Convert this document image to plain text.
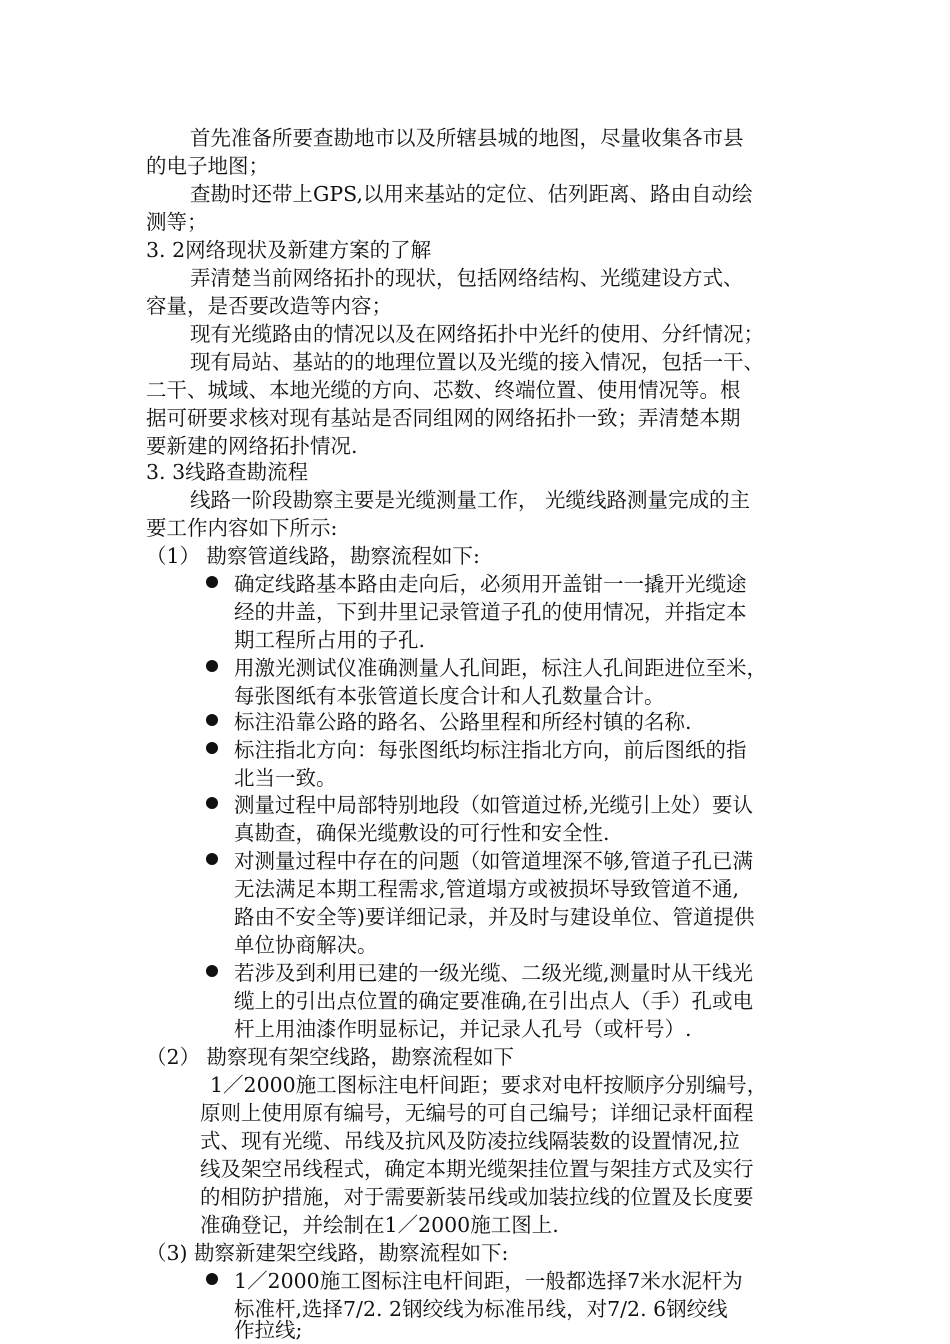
首先准备所要查勘地市以及所辖县城的地图，尽量收集各市县
的电子地图；
查勘时还带上GPS,以用来基站的定位、估列距离、路由自动绘
测等；
3. 2网络现状及新建方案的了解
弄清楚当前网络拓扑的现状，包括网络结构、光缆建设方式、
容量，是否要改造等内容；
现有光缆路由的情况以及在网络拓扑中光纤的使用、分纤情况；
现有局站、基站的的地理位置以及光缆的接入情况，包括一干、
二干、城域、本地光缆的方向、芯数、终端位置、使用情况等。根
据可研要求核对现有基站是否同组网的网络拓扑一致；弄清楚本期
要新建的网络拓扑情况.
3. 3线路查勘流程
线路一阶段勘察主要是光缆测量工作， 光缆线路测量完成的主
要工作内容如下所示:
（1） 勘察管道线路，勘察流程如下:
确定线路基本路由走向后，必须用开盖钳一一撬开光缆途
经的井盖，下到井里记录管道子孔的使用情况，并指定本
期工程所占用的子孔.
用激光测试仪准确测量人孔间距，标注人孔间距进位至米，
每张图纸有本张管道长度合计和人孔数量合计。
标注沿靠公路的路名、公路里程和所经村镇的名称.
标注指北方向：每张图纸均标注指北方向，前后图纸的指
北当一致。
测量过程中局部特别地段（如管道过桥,光缆引上处）要认
真勘查，确保光缆敷设的可行性和安全性.
对测量过程中存在的问题（如管道埋深不够,管道子孔已满
无法满足本期工程需求,管道塌方或被损坏导致管道不通,
路由不安全等)要详细记录，并及时与建设单位、管道提供
单位协商解决。
若涉及到利用已建的一级光缆、二级光缆,测量时从干线光
缆上的引出点位置的确定要准确,在引出点人（手）孔或电
杆上用油漆作明显标记，并记录人孔号（或杆号）.
（2） 勘察现有架空线路，勘察流程如下
1／2000施工图标注电杆间距；要求对电杆按顺序分别编号，
原则上使用原有编号，无编号的可自己编号；详细记录杆面程
式、现有光缆、吊线及抗风及防凌拉线隔装数的设置情况,拉
线及架空吊线程式，确定本期光缆架挂位置与架挂方式及实行
的相防护措施，对于需要新装吊线或加装拉线的位置及长度要
准确登记，并绘制在1／2000施工图上.
（3) 勘察新建架空线路，勘察流程如下:
1／2000施工图标注电杆间距，一般都选择7米水泥杆为
标准杆,选择7/2. 2钢绞线为标准吊线，对7/2. 6钢绞线
作拉线;
